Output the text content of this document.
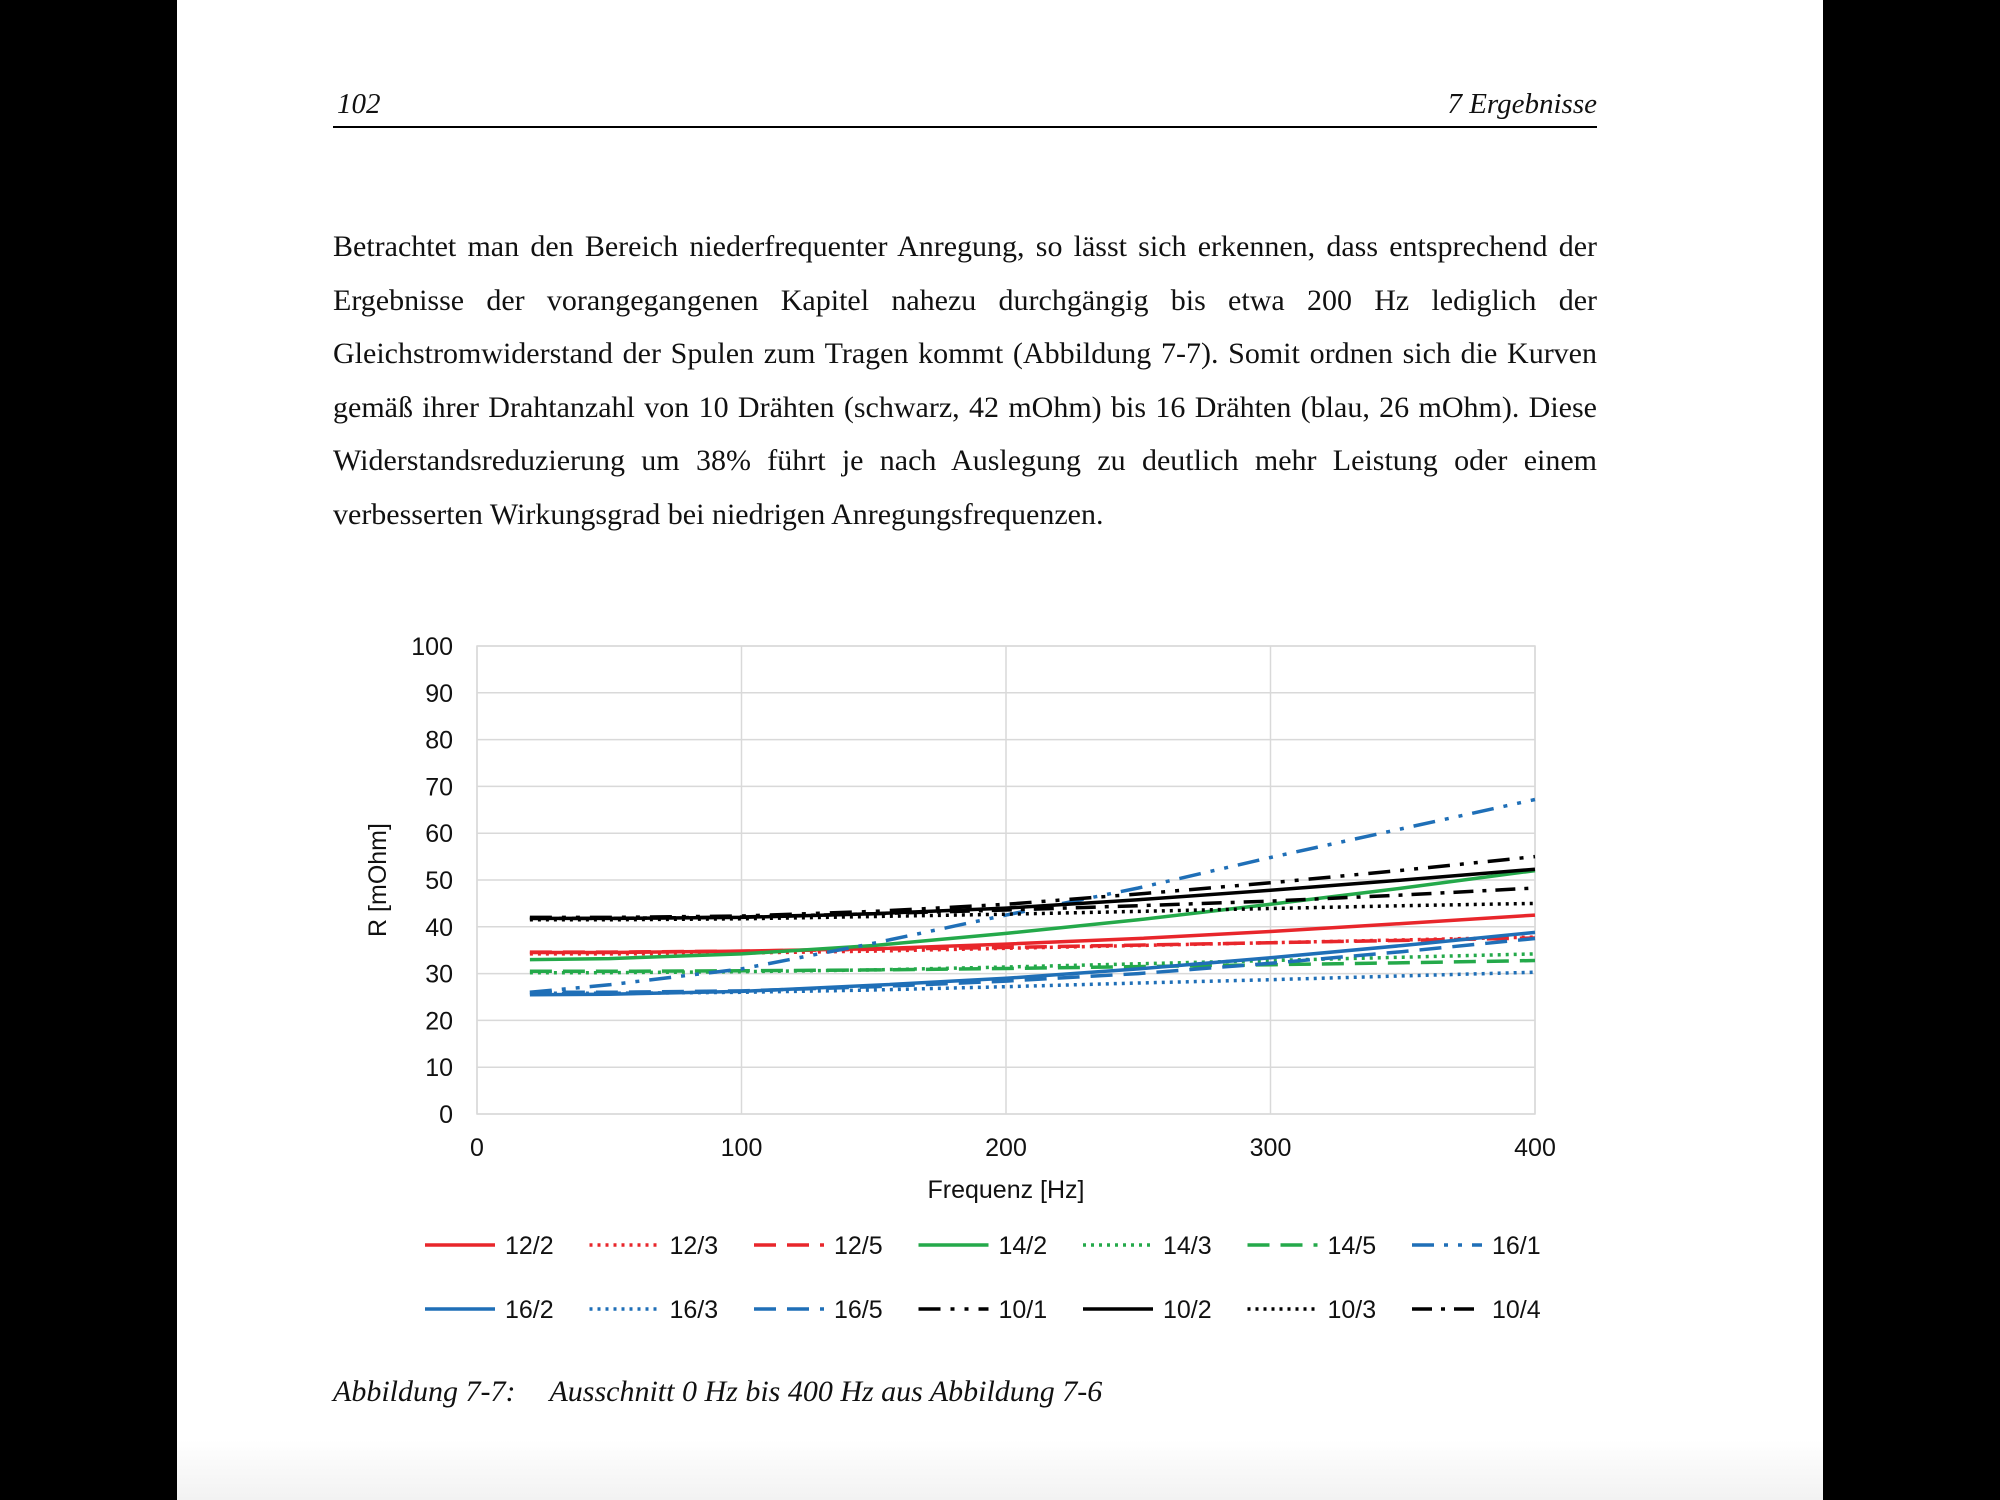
102	7 Ergebnisse
Betrachtet man den Bereich niederfrequenter Anregung, so lässt sich erkennen, dass entsprechend der Ergebnisse der vorangegangenen Kapitel nahezu durchgängig bis etwa 200 Hz lediglich der Gleichstromwiderstand der Spulen zum Tragen kommt (Abbildung 7-7). Somit ordnen sich die Kurven gemäß ihrer Drahtanzahl von 10 Drähten (schwarz, 42 mOhm) bis 16 Drähten (blau, 26 mOhm). Diese Widerstandsreduzierung um 38% führt je nach Auslegung zu deutlich mehr Leistung oder einem verbesserten Wirkungsgrad bei niedrigen Anregungsfrequenzen.
Abbildung 7-7: Ausschnitt 0 Hz bis 400 Hz aus Abbildung 7-6
0
10
20
30
40
50
60
70
80
90
100
0	100	200	300	400
Frequenz [Hz]
R [mOhm]
12/2	12/3	12/5	14/2	14/3	14/5	16/1
16/2	16/3	16/5	10/1	10/2	10/3	10/4
